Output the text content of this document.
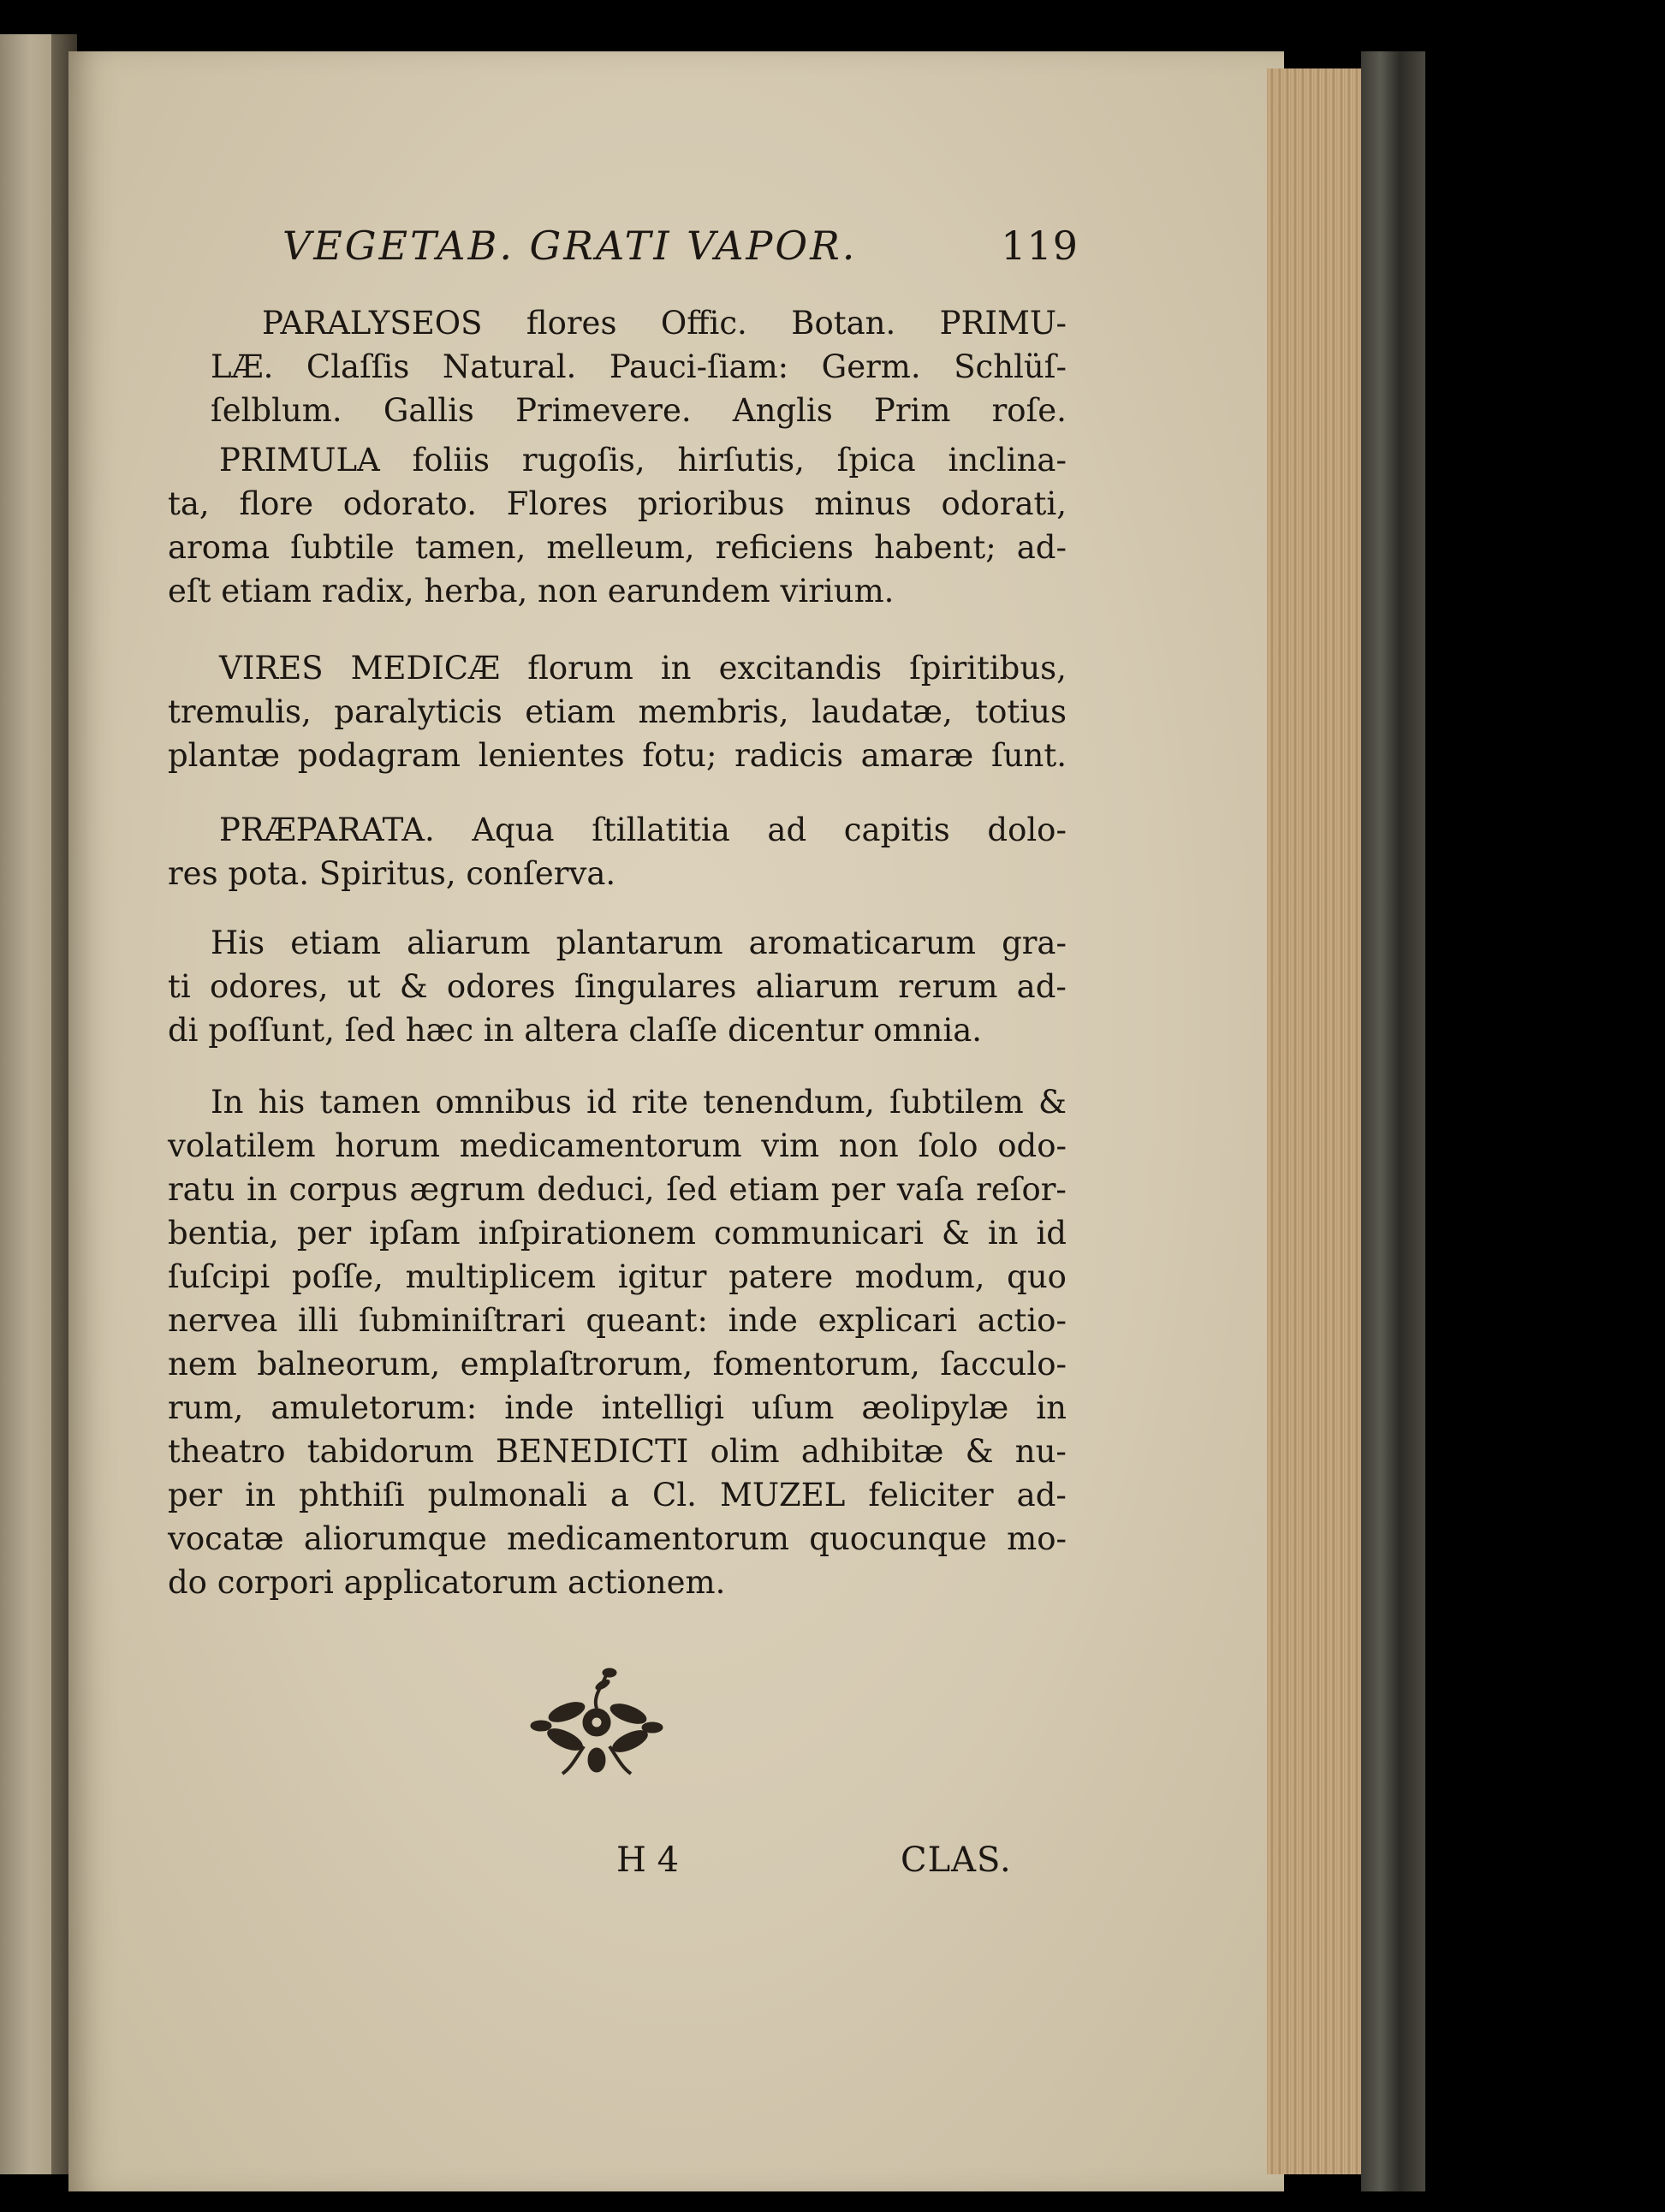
VEGETAB. GRATI VAPOR.	119
PARALYSEOS flores Offic. Botan. PRIMU-
LÆ. Claſſis Natural. Pauci-ſiam: Germ. Schlüſ-
ſelblum. Gallis Primevere. Anglis Prim roſe.
PRIMULA foliis rugoſis, hirſutis, ſpica inclina-
ta, flore odorato. Flores prioribus minus odorati,
aroma ſubtile tamen, melleum, reficiens habent; ad-
eſt etiam radix, herba, non earundem virium.
VIRES MEDICÆ florum in excitandis ſpiritibus,
tremulis, paralyticis etiam membris, laudatæ, totius
plantæ podagram lenientes fotu; radicis amaræ ſunt.
PRÆPARATA. Aqua ſtillatitia ad capitis dolo-
res pota. Spiritus, conſerva.
His etiam aliarum plantarum aromaticarum gra-
ti odores, ut & odores ſingulares aliarum rerum ad-
di poſſunt, ſed hæc in altera claſſe dicentur omnia.
In his tamen omnibus id rite tenendum, ſubtilem &
volatilem horum medicamentorum vim non ſolo odo-
ratu in corpus ægrum deduci, ſed etiam per vaſa reſor-
bentia, per ipſam inſpirationem communicari & in id
ſuſcipi poſſe, multiplicem igitur patere modum, quo
nervea illi ſubminiſtrari queant: inde explicari actio-
nem balneorum, emplaſtrorum, fomentorum, ſacculo-
rum, amuletorum: inde intelligi uſum æolipylæ in
theatro tabidorum BENEDICTI olim adhibitæ & nu-
per in phthiſi pulmonali a Cl. MUZEL feliciter ad-
vocatæ aliorumque medicamentorum quocunque mo-
do corpori applicatorum actionem.
H 4	CLAS.
